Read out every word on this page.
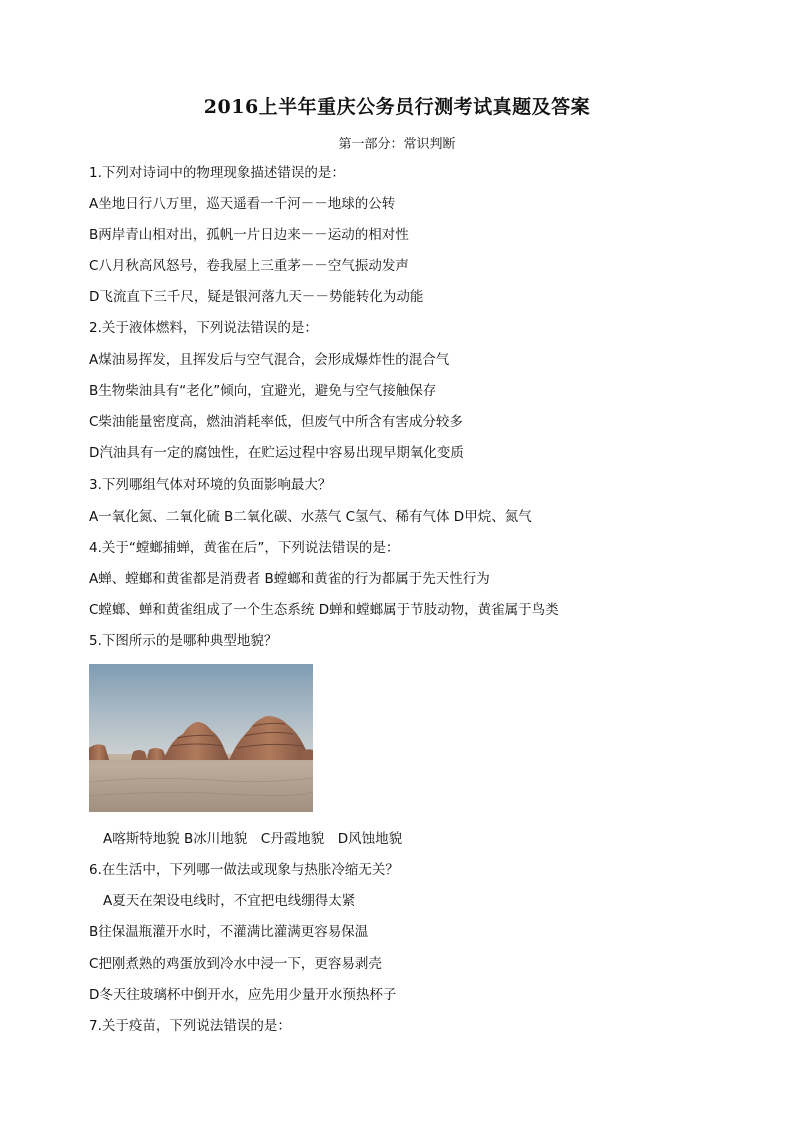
2016上半年重庆公务员行测考试真题及答案
第一部分：常识判断
1.下列对诗词中的物理现象描述错误的是：
A坐地日行八万里，巡天遥看一千河－－地球的公转
B两岸青山相对出，孤帆一片日边来－－运动的相对性
C八月秋高风怒号，卷我屋上三重茅－－空气振动发声
D飞流直下三千尺，疑是银河落九天－－势能转化为动能
2.关于液体燃料，下列说法错误的是：
A煤油易挥发，且挥发后与空气混合，会形成爆炸性的混合气
B生物柴油具有“老化”倾向，宜避光，避免与空气接触保存
C柴油能量密度高，燃油消耗率低，但废气中所含有害成分较多
D汽油具有一定的腐蚀性，在贮运过程中容易出现早期氧化变质
3.下列哪组气体对环境的负面影响最大？
A一氧化氮、二氧化硫 B二氧化碳、水蒸气 C氢气、稀有气体 D甲烷、氮气
4.关于“螳螂捕蝉，黄雀在后”，下列说法错误的是：
A蝉、螳螂和黄雀都是消费者 B螳螂和黄雀的行为都属于先天性行为
C螳螂、蝉和黄雀组成了一个生态系统 D蝉和螳螂属于节肢动物，黄雀属于鸟类
5.下图所示的是哪种典型地貌？
A喀斯特地貌 B冰川地貌　C丹霞地貌　D风蚀地貌
6.在生活中，下列哪一做法或现象与热胀冷缩无关？
A夏天在架设电线时，不宜把电线绷得太紧
B往保温瓶灌开水时，不灌满比灌满更容易保温
C把刚煮熟的鸡蛋放到冷水中浸一下，更容易剥壳
D冬天往玻璃杯中倒开水，应先用少量开水预热杯子
7.关于疫苗，下列说法错误的是：
